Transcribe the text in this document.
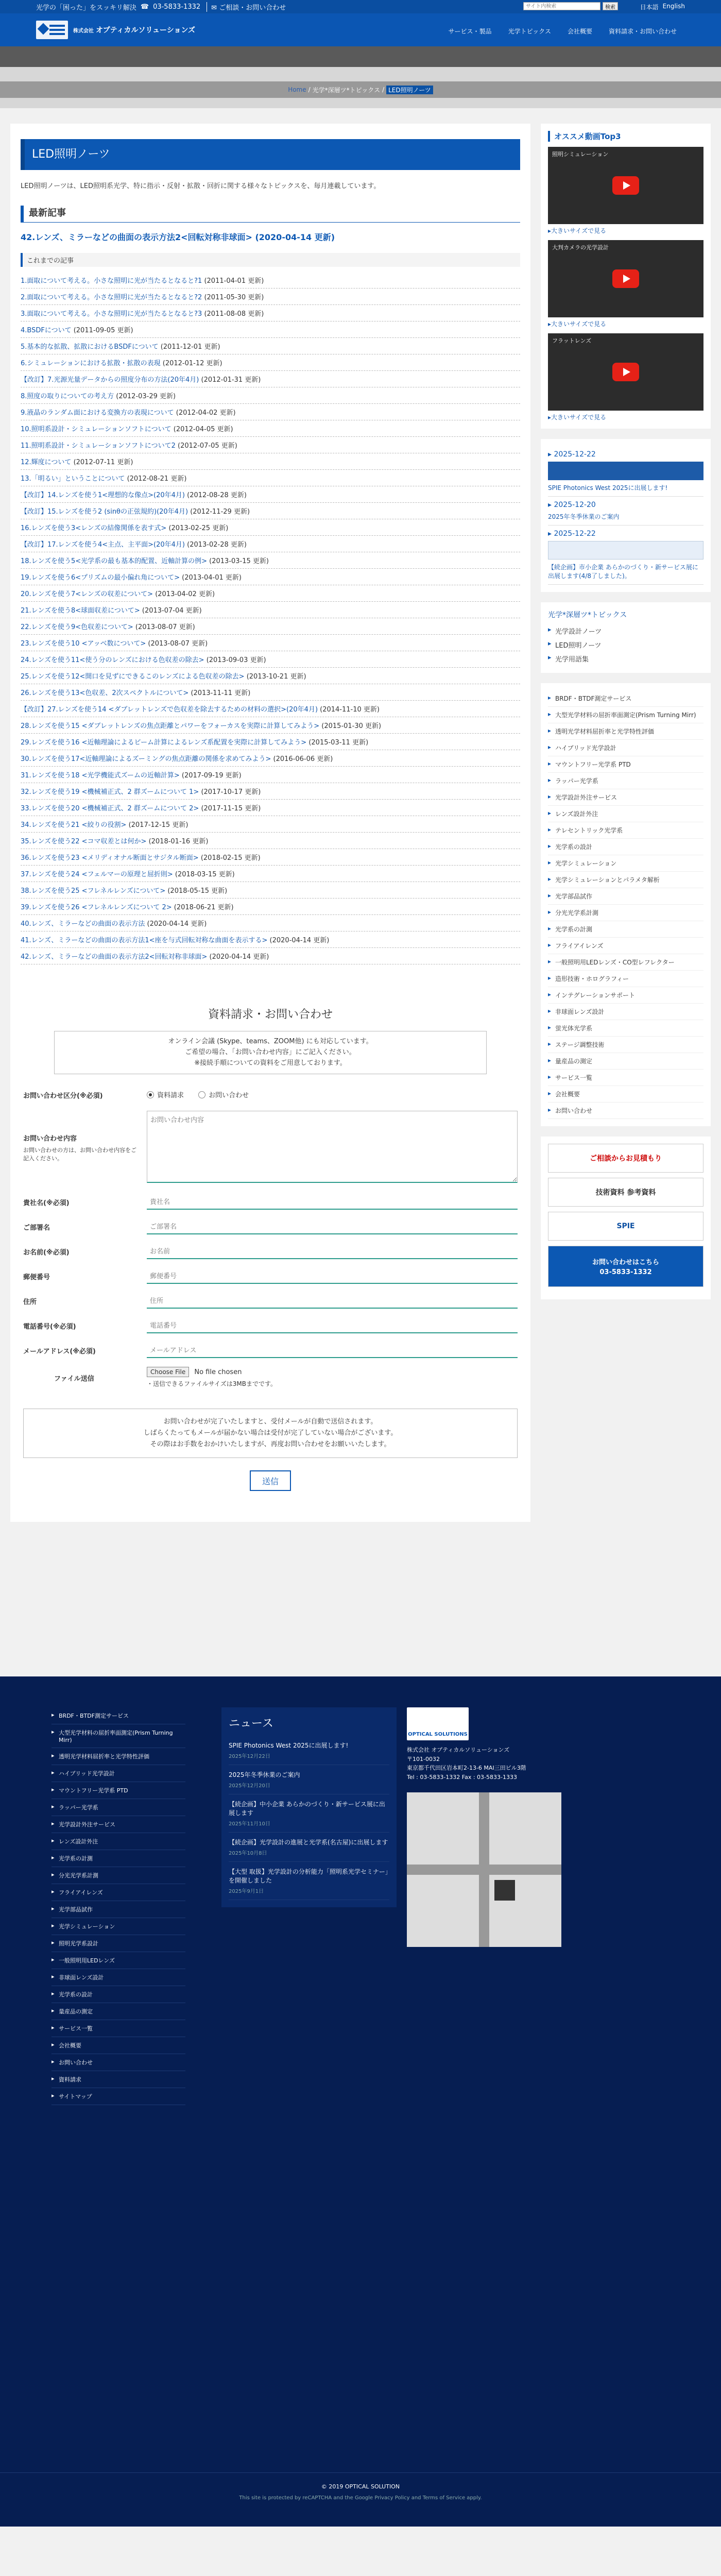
光学の「困った」をスッキリ解決 ☎ 03-5833-1332	✉ ご相談・お問い合わせ
サイト内検索	検索	日本語 English
株式会社 オプティカルソリューションズ	サービス・製品	光学トピックス	会社概要	資料請求・お問い合わせ
Home / 光学*深層ツ*トピックス / LED照明ノーツ
LED照明ノーツ

LED照明ノーツは、LED照明系光学、特に指示・反射・拡散・回折に関する様々なトピックスを、毎月連載しています。

最新記事
42.レンズ、ミラーなどの曲面の表示方法2<回転対称非球面> (2020-04-14 更新)
これまでの記事
1.面取について考える。小さな照明に光が当たるとなると?1 (2011-04-01 更新)
2.面取について考える。小さな照明に光が当たるとなると?2 (2011-05-30 更新)
3.面取について考える。小さな照明に光が当たるとなると?3 (2011-08-08 更新)
4.BSDFについて (2011-09-05 更新)
5.基本的な拡散、拡散におけるBSDFについて (2011-12-01 更新)
6.シミュレーションにおける拡散・拡散の表現 (2012-01-12 更新)
【改訂】7.光源光量データからの照度分布の方法(20年4月) (2012-01-31 更新)
8.照度の取りについての考え方 (2012-03-29 更新)
9.液晶のランダム面における変換方の表現について (2012-04-02 更新)
10.照明系設計・シミュレーションソフトについて (2012-04-05 更新)
11.照明系設計・シミュレーションソフトについて2 (2012-07-05 更新)
12.輝度について (2012-07-11 更新)
13.「明るい」ということについて (2012-08-21 更新)
【改訂】14.レンズを使う1<理想的な像点>(20年4月) (2012-08-28 更新)
【改訂】15.レンズを使う2 (sinθの正弦規約)(20年4月) (2012-11-29 更新)
16.レンズを使う3<レンズの結像関係を表す式> (2013-02-25 更新)
【改訂】17.レンズを使う4<主点、主平面>(20年4月) (2013-02-28 更新)
18.レンズを使う5<光学系の最も基本的配置、近軸計算の例> (2013-03-15 更新)
19.レンズを使う6<プリズムの最小偏れ角について> (2013-04-01 更新)
20.レンズを使う7<レンズの収差について> (2013-04-02 更新)
21.レンズを使う8<球面収差について> (2013-07-04 更新)
22.レンズを使う9<色収差について> (2013-08-07 更新)
23.レンズを使う10 <アッベ数について> (2013-08-07 更新)
24.レンズを使う11<使う分のレンズにおける色収差の除去> (2013-09-03 更新)
25.レンズを使う12<開口を見ずにできるこのレンズによる色収差の除去> (2013-10-21 更新)
26.レンズを使う13<色収差、2次スペクトルについて> (2013-11-11 更新)
【改訂】27.レンズを使う14 <ダブレットレンズで色収差を除去するための材料の選択>(20年4月) (2014-11-10 更新)
28.レンズを使う15 <ダブレットレンズの焦点距離とパワーをフォーカスを実際に計算してみよう> (2015-01-30 更新)
29.レンズを使う16 <近軸理論によるビーム計算によるレンズ系配置を実際に計算してみよう> (2015-03-11 更新)
30.レンズを使う17<近軸理論によるズーミングの焦点距離の関係を求めてみよう> (2016-06-06 更新)
31.レンズを使う18 <光学機能式ズームの近軸計算> (2017-09-19 更新)
32.レンズを使う19 <機械補正式、2 群ズームについて 1> (2017-10-17 更新)
33.レンズを使う20 <機械補正式、2 群ズームについて 2> (2017-11-15 更新)
34.レンズを使う21 <絞りの役割> (2017-12-15 更新)
35.レンズを使う22 <コマ収差とは何か> (2018-01-16 更新)
36.レンズを使う23 <メリディオナル断面とサジタル断面> (2018-02-15 更新)
37.レンズを使う24 <フェルマーの原理と屈折則> (2018-03-15 更新)
38.レンズを使う25 <フレネルレンズについて> (2018-05-15 更新)
39.レンズを使う26 <フレネルレンズについて 2> (2018-06-21 更新)
40.レンズ、ミラーなどの曲面の表示方法 (2020-04-14 更新)
41.レンズ、ミラーなどの曲面の表示方法1<座を与式回転対称な曲面を表示する> (2020-04-14 更新)
42.レンズ、ミラーなどの曲面の表示方法2<回転対称非球面> (2020-04-14 更新)
資料請求・お問い合わせ
オンライン会議 (Skype、teams、ZOOM他) にも対応しています。
ご希望の場合、「お問い合わせ内容」にご記入ください。
※接続手順についての資料をご用意しております。
お問い合わせ区分(※必須)	資料請求
	お問い合わせ
お問い合わせ内容
お問い合わせの方は、お問い合わせ内容をご記入ください。
お問い合わせ内容
貴社名(※必須)
貴社名
ご部署名
ご部署名
お名前(※必須)
お名前
郵便番号
郵便番号
住所
住所
電話番号(※必須)
電話番号
メールアドレス(※必須)
メールアドレス
ファイル送信
Choose File No file chosen
・送信できるファイルサイズは3MBまでです。
お問い合わせが完了いたしますと、受付メールが自動で送信されます。
しばらくたってもメールが届かない場合は受付が完了していない場合がございます。
その際はお手数をおかけいたしますが、再度お問い合わせをお願いいたします。
送信
オススメ動画Top3
照明シミュレーション
▸大きいサイズで見る
大判カメラの光学設計
▸大きいサイズで見る
フラットレンズ
▸大きいサイズで見る
▸ 2025-12-22
SPIE Photonics West 2025に出展します!
▸ 2025-12-20
2025年冬季休業のご案内
▸ 2025-12-22
【続企画】市小企業 あらかのづくり・新サービス展に出展します(4/8了しました)。
光学*深層ツ*トピックス
▸ 光学設計ノーツ
▸ LED照明ノーツ
▸ 光学用語集
▸ BRDF・BTDF測定サービス
▸ 大型光学材料の屈折率面測定(Prism Turning Mirr)
▸ 透明光学材料屈折率と光学特性評価
▸ ハイブリッド光学設計
▸ マウントフリー光学系 PTD
▸ ラッパー光学系
▸ 光学設計外注サービス
▸ レンズ設計外注
▸ テレセントリック光学系
▸ 光学系の設計
▸ 光学シミュレーション
▸ 光学シミュレーションとパラメタ解析
▸ 光学部品試作
▸ 分光光学系計測
▸ 光学系の計測
▸ フライアイレンズ
▸ 一般照明用LEDレンズ・CO型レフレクター
▸ 造形技術・ホログラフィー
▸ インテグレーションサポート
▸ 非球面レンズ設計
▸ 蛍光体光学系
▸ ステージ調整技術
▸ 量産品の測定
▸ サービス一覧
▸ 会社概要
▸ お問い合わせ
ご相談からお見積もり
技術資料 参考資料
SPIE
お問い合わせはこちら
03-5833-1332
▸ BRDF・BTDF測定サービス
▸ 大型光学材料の屈折率面測定(Prism Turning Mirr)
▸ 透明光学材料屈折率と光学特性評価
▸ ハイブリッド光学設計
▸ マウントフリー光学系 PTD
▸ ラッパー光学系
▸ 光学設計外注サービス
▸ レンズ設計外注
▸ 光学系の計測
▸ 分光光学系計測
▸ フライアイレンズ
▸ 光学部品試作
▸ 光学シミュレーション
▸ 照明光学系設計
▸ 一般照明用LEDレンズ
▸ 非球面レンズ設計
▸ 光学系の設計
▸ 量産品の測定
▸ サービス一覧
▸ 会社概要
▸ お問い合わせ
▸ 資料請求
▸ サイトマップ
ニュース
SPIE Photonics West 2025に出展します!
2025年12月22日
2025年冬季休業のご案内
2025年12月20日
【続企画】中小企業 あらかのづくり・新サービス展に出展します
2025年11月10日
【続企画】光学設計の進展と光学系(名古屋)に出展します
2025年10月8日
【大型 取扱】光学設計の分析能力「照明系光学セミナー」を開催しました
2025年9月1日
OPTICAL SOLUTIONS
株式会社 オプティカルソリューションズ
〒101-0032
東京都千代田区岩本町2-13-6 MAI三田ビル3階
Tel : 03-5833-1332 Fax : 03-5833-1333
© 2019 OPTICAL SOLUTION
This site is protected by reCAPTCHA and the Google Privacy Policy and Terms of Service apply.
